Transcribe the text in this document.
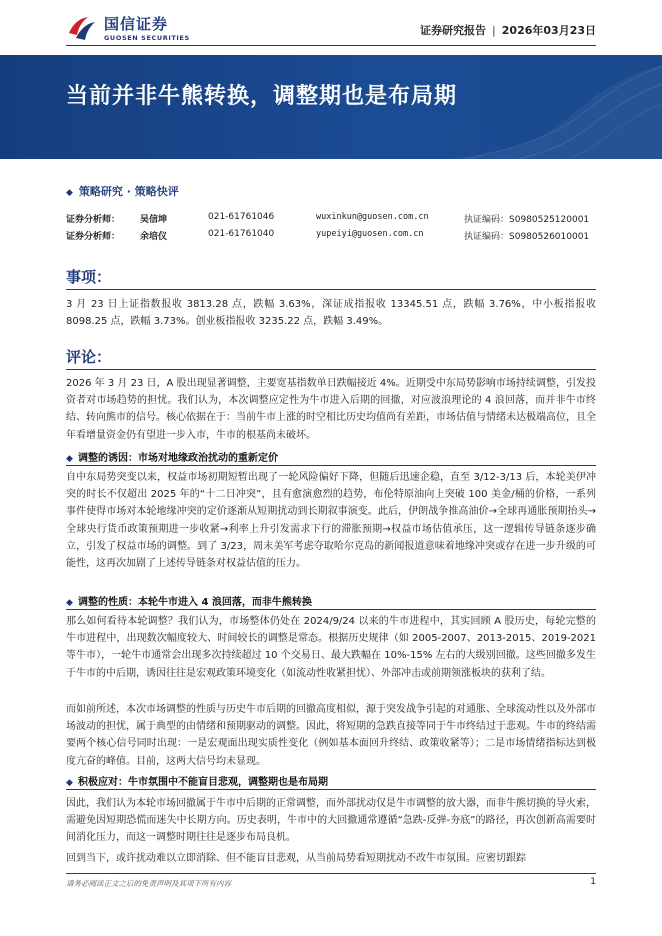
国信证券
GUOSEN SECURITIES
证券研究报告 | 2026年03月23日
当前并非牛熊转换，调整期也是布局期
◆ 策略研究 · 策略快评
证券分析师： 吴信坤	021-61761046	wuxinkun@guosen.com.cn	执证编码：S0980525120001
证券分析师： 余培仪	021-61761040	yupeiyi@guosen.com.cn	执证编码：S0980526010001
事项：
3 月 23 日上证指数报收 3813.28 点，跌幅 3.63%，深证成指报收 13345.51 点，跌幅 3.76%，中小板指报收 8098.25 点，跌幅 3.73%。创业板指报收 3235.22 点，跌幅 3.49%。
评论：
2026 年 3 月 23 日，A 股出现显著调整，主要宽基指数单日跌幅接近 4%。近期受中东局势影响市场持续调整，引发投资者对市场趋势的担忧。我们认为，本次调整应定性为牛市进入后期的回撤，对应波浪理论的 4 浪回落，而并非牛市终结、转向熊市的信号。核心依据在于：当前牛市上涨的时空相比历史均值尚有差距，市场估值与情绪未达极端高位，且全年看增量资金仍有望进一步入市，牛市的根基尚未破坏。
◆ 调整的诱因：市场对地缘政治扰动的重新定价
自中东局势突变以来，权益市场初期短暂出现了一轮风险偏好下降，但随后迅速企稳，直至 3/12-3/13 后，本轮美伊冲突的时长不仅超出 2025 年的“十二日冲突”，且有愈演愈烈的趋势，布伦特原油向上突破 100 美金/桶的价格，一系列事件使得市场对本轮地缘冲突的定价逐渐从短期扰动到长期叙事演变。此后，伊朗战争推高油价→全球再通胀预期抬头→全球央行货币政策预期进一步收紧→利率上升引发需求下行的滞胀预期→权益市场估值承压，这一逻辑传导链条逐步确立，引发了权益市场的调整。到了 3/23，周末美军考虑夺取哈尔克岛的新闻报道意味着地缘冲突或存在进一步升级的可能性，这再次加剧了上述传导链条对权益估值的压力。
◆ 调整的性质：本轮牛市进入 4 浪回落，而非牛熊转换
那么如何看待本轮调整？我们认为，市场整体仍处在 2024/9/24 以来的牛市进程中，其实回顾 A 股历史，每轮完整的牛市进程中，出现数次幅度较大、时间较长的调整是常态。根据历史规律（如 2005-2007、2013-2015、2019-2021 等牛市），一轮牛市通常会出现多次持续超过 10 个交易日、最大跌幅在 10%-15% 左右的大级别回撤。这些回撤多发生于牛市的中后期，诱因往往是宏观政策环境变化（如流动性收紧担忧）、外部冲击或前期领涨板块的获利了结。
而如前所述，本次市场调整的性质与历史牛市后期的回撤高度相似，源于突发战争引起的对通胀、全球流动性以及外部市场波动的担忧，属于典型的由情绪和预期驱动的调整。因此，将短期的急跌直接等同于牛市终结过于悲观。牛市的终结需要两个核心信号同时出现：一是宏观面出现实质性变化（例如基本面回升终结、政策收紧等）；二是市场情绪指标达到极度亢奋的峰值。目前，这两大信号均未显现。
◆ 积极应对：牛市氛围中不能盲目悲观，调整期也是布局期
因此，我们认为本轮市场回撤属于牛市中后期的正常调整，而外部扰动仅是牛市调整的放大器，而非牛熊切换的导火索，需避免因短期恐慌而迷失中长期方向。历史表明，牛市中的大回撤通常遵循“急跌-反弹-夯底”的路径，再次创新高需要时间消化压力，而这一调整时期往往是逐步布局良机。
回到当下，或许扰动难以立即消除、但不能盲目悲观，从当前局势看短期扰动不改牛市氛围。应密切跟踪
请务必阅读正文之后的免责声明及其项下所有内容	1
